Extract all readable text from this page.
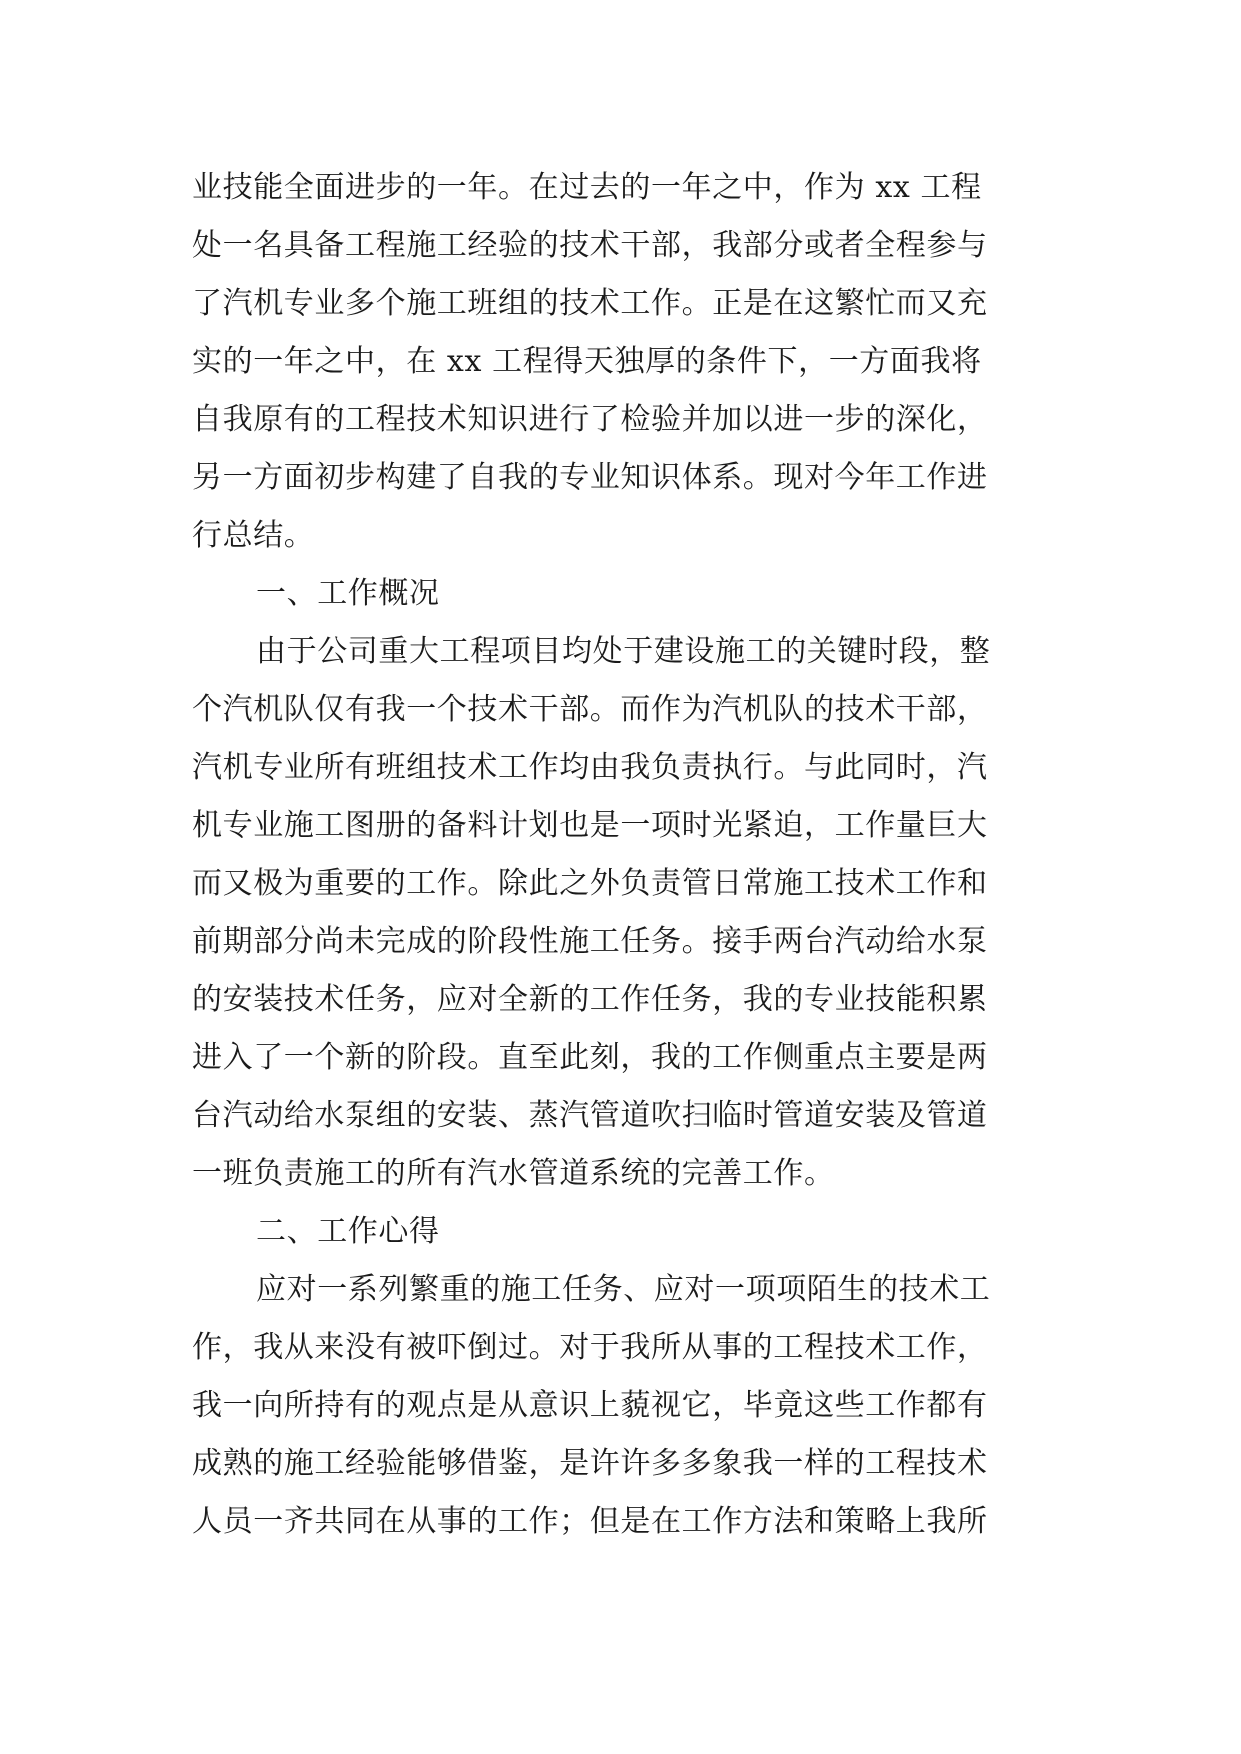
业技能全面进步的一年。在过去的一年之中，作为 xx 工程
处一名具备工程施工经验的技术干部，我部分或者全程参与
了汽机专业多个施工班组的技术工作。正是在这繁忙而又充
实的一年之中，在 xx 工程得天独厚的条件下，一方面我将
自我原有的工程技术知识进行了检验并加以进一步的深化，
另一方面初步构建了自我的专业知识体系。现对今年工作进
行总结。
一、工作概况
由于公司重大工程项目均处于建设施工的关键时段，整
个汽机队仅有我一个技术干部。而作为汽机队的技术干部，
汽机专业所有班组技术工作均由我负责执行。与此同时，汽
机专业施工图册的备料计划也是一项时光紧迫，工作量巨大
而又极为重要的工作。除此之外负责管日常施工技术工作和
前期部分尚未完成的阶段性施工任务。接手两台汽动给水泵
的安装技术任务，应对全新的工作任务，我的专业技能积累
进入了一个新的阶段。直至此刻，我的工作侧重点主要是两
台汽动给水泵组的安装、蒸汽管道吹扫临时管道安装及管道
一班负责施工的所有汽水管道系统的完善工作。
二、工作心得
应对一系列繁重的施工任务、应对一项项陌生的技术工
作，我从来没有被吓倒过。对于我所从事的工程技术工作，
我一向所持有的观点是从意识上藐视它，毕竟这些工作都有
成熟的施工经验能够借鉴，是许许多多象我一样的工程技术
人员一齐共同在从事的工作；但是在工作方法和策略上我所
